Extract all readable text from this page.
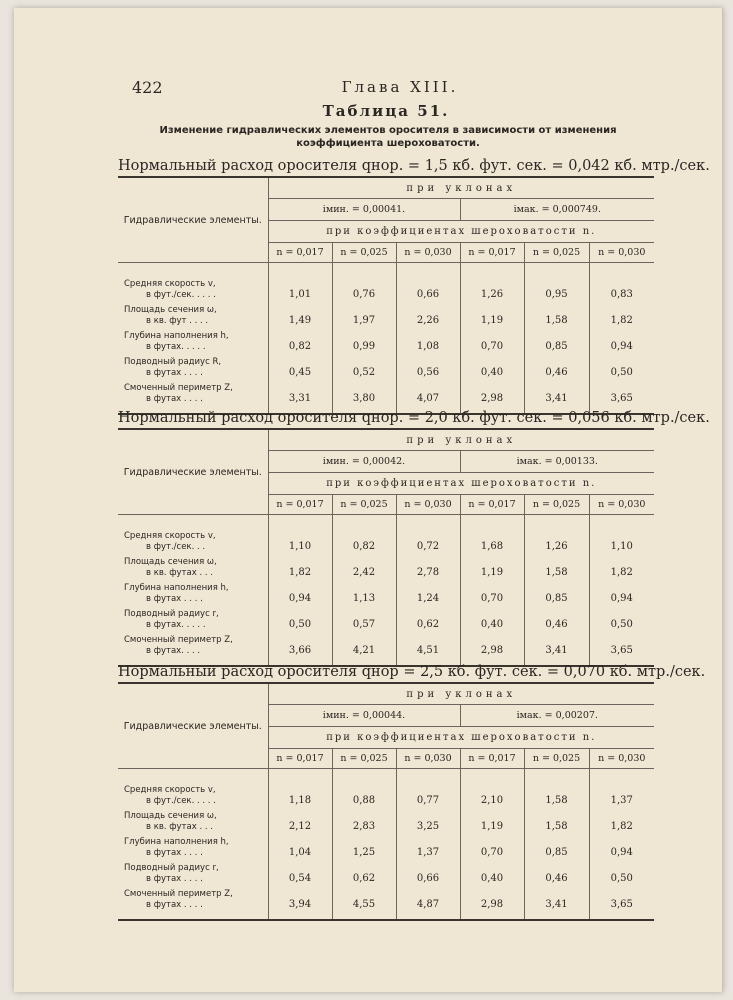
422	Глава XIII.
Таблица 51.
Изменение гидравлических элементов оросителя в зависимости от изменения коэффициента шероховатости.
Нормальный расход оросителя qнор. = 1,5 кб. фут. сек. = 0,042 кб. мтр./сек.
Гидравлические элементы.	при уклонах					
	iмин. = 0,00041.			iмак. = 0,000749.		
	при коэффициентах шероховатости n.					
	n = 0,017	n = 0,025	n = 0,030	n = 0,017	n = 0,025	n = 0,030

Средняя скорость v,
в фут./сек. . . . .	1,01	0,76	0,66	1,26	0,95	0,83

Площадь сечения ω,
в кв. фут . . . .	1,49	1,97	2,26	1,19	1,58	1,82

Глубина наполнения h,
в футах. . . . .	0,82	0,99	1,08	0,70	0,85	0,94

Подводный радиус R,
в футах . . . .	0,45	0,52	0,56	0,40	0,46	0,50

Смоченный периметр Z,
в футах . . . .	3,31	3,80	4,07	2,98	3,41	3,65

Нормальный расход оросителя qнор. = 2,0 кб. фут. сек. = 0,056 кб. мтр./сек.
Гидравлические элементы.	при уклонах					
	iмин. = 0,00042.			iмак. = 0,00133.		
	при коэффициентах шероховатости n.					
	n = 0,017	n = 0,025	n = 0,030	n = 0,017	n = 0,025	n = 0,030

Средняя скорость v,
в фут./сек. . .	1,10	0,82	0,72	1,68	1,26	1,10

Площадь сечения ω,
в кв. футах . . .	1,82	2,42	2,78	1,19	1,58	1,82

Глубина наполнения h,
в футах . . . .	0,94	1,13	1,24	0,70	0,85	0,94

Подводный радиус r,
в футах. . . . .	0,50	0,57	0,62	0,40	0,46	0,50

Смоченный периметр Z,
в футах. . . .	3,66	4,21	4,51	2,98	3,41	3,65

Нормальный расход оросителя qнор = 2,5 кб. фут. сек. = 0,070 кб. мтр./сек.
Гидравлические элементы.	при уклонах					
	iмин. = 0,00044.			iмак. = 0,00207.		
	при коэффициентах шероховатости n.					
	n = 0,017	n = 0,025	n = 0,030	n = 0,017	n = 0,025	n = 0,030

Средняя скорость v,
в фут./сек. . . . .	1,18	0,88	0,77	2,10	1,58	1,37

Площадь сечения ω,
в кв. футах . . .	2,12	2,83	3,25	1,19	1,58	1,82

Глубина наполнения h,
в футах . . . .	1,04	1,25	1,37	0,70	0,85	0,94

Подводный радиус r,
в футах . . . .	0,54	0,62	0,66	0,40	0,46	0,50

Смоченный периметр Z,
в футах . . . .	3,94	4,55	4,87	2,98	3,41	3,65
